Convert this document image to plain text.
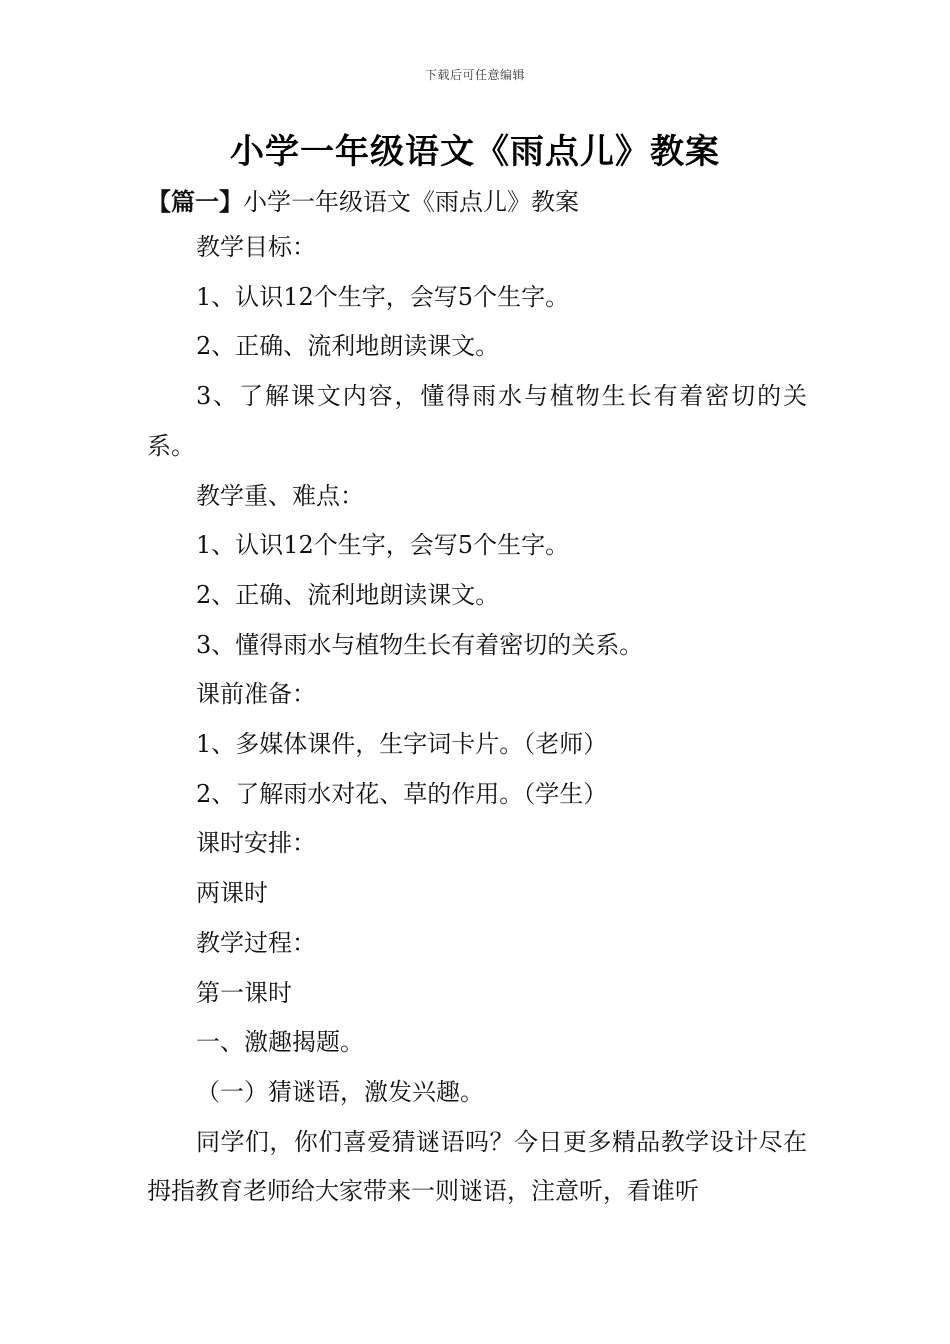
下载后可任意编辑
小学一年级语文《雨点儿》教案
【篇一】小学一年级语文《雨点儿》教案

教学目标：

1、认识12个生字，会写5个生字。

2、正确、流利地朗读课文。

3、了解课文内容，懂得雨水与植物生长有着密切的关系。

教学重、难点：

1、认识12个生字，会写5个生字。

2、正确、流利地朗读课文。

3、懂得雨水与植物生长有着密切的关系。

课前准备：

1、多媒体课件，生字词卡片。（老师）

2、了解雨水对花、草的作用。（学生）

课时安排：

两课时

教学过程：

第一课时

一、激趣揭题。

（一）猜谜语，激发兴趣。

同学们，你们喜爱猜谜语吗？今日更多精品教学设计尽在拇指教育老师给大家带来一则谜语，注意听，看谁听
